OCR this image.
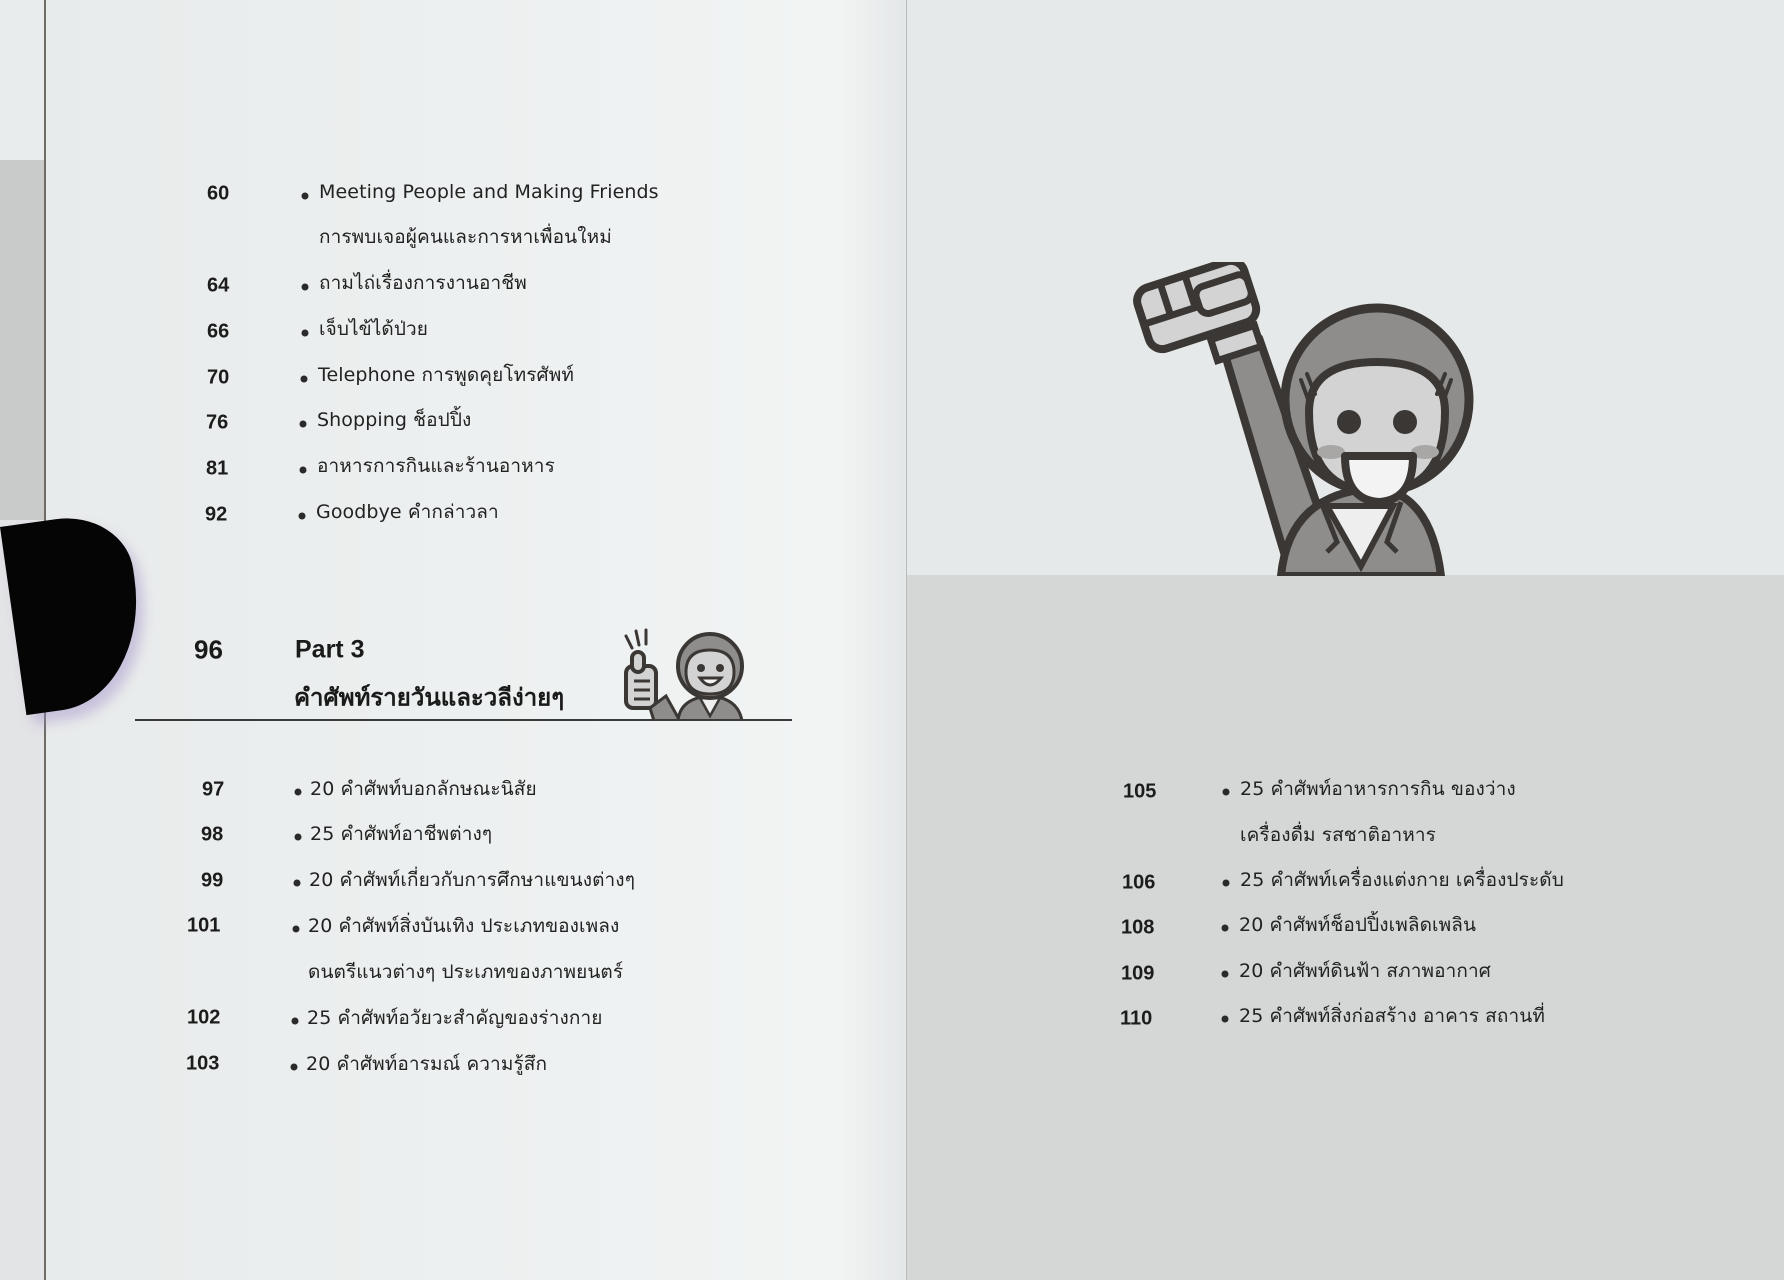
60	Meeting People and Making Friends
การพบเจอผู้คนและการหาเพื่อนใหม่
64	ถามไถ่เรื่องการงานอาชีพ
66	เจ็บไข้ได้ป่วย
70	Telephone การพูดคุยโทรศัพท์
76	Shopping ช็อปปิ้ง
81	อาหารการกินและร้านอาหาร
92	Goodbye คำกล่าวลา
96	Part 3
คำศัพท์รายวันและวลีง่ายๆ
97	20 คำศัพท์บอกลักษณะนิสัย
98	25 คำศัพท์อาชีพต่างๆ
99	20 คำศัพท์เกี่ยวกับการศึกษาแขนงต่างๆ
101	20 คำศัพท์สิ่งบันเทิง ประเภทของเพลง
ดนตรีแนวต่างๆ ประเภทของภาพยนตร์
102	25 คำศัพท์อวัยวะสำคัญของร่างกาย
103	20 คำศัพท์อารมณ์ ความรู้สึก
105	25 คำศัพท์อาหารการกิน ของว่าง
เครื่องดื่ม รสชาติอาหาร
106	25 คำศัพท์เครื่องแต่งกาย เครื่องประดับ
108	20 คำศัพท์ช็อปปิ้งเพลิดเพลิน
109	20 คำศัพท์ดินฟ้า สภาพอากาศ
110	25 คำศัพท์สิ่งก่อสร้าง อาคาร สถานที่
